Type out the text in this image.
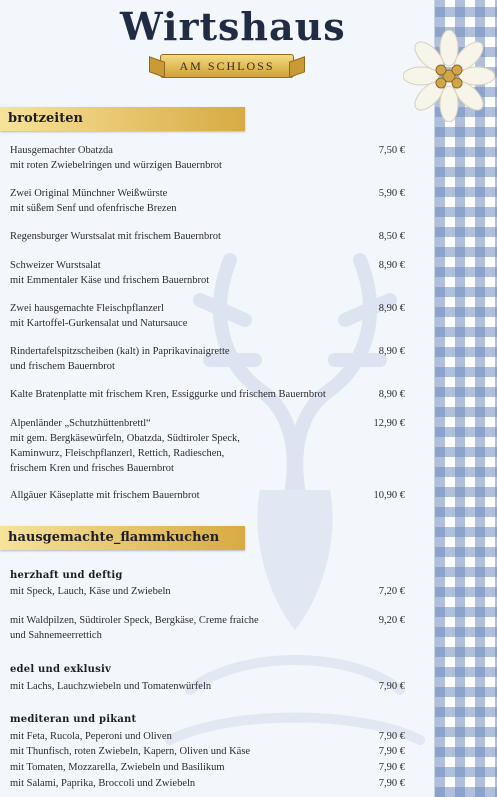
Wirtshaus
AM SCHLOSS
brotzeiten
Hausgemachter Obatzda
mit roten Zwiebelringen und würzigen Bauernbrot
7,50 €
Zwei Original Münchner Weißwürste
mit süßem Senf und ofenfrische Brezen
5,90 €
Regensburger Wurstsalat mit frischem Bauernbrot	8,50 €
Schweizer Wurstsalat
mit Emmentaler Käse und frischem Bauernbrot
8,90 €
Zwei hausgemachte Fleischpflanzerl
mit Kartoffel-Gurkensalat und Natursauce
8,90 €
Rindertafelspitzscheiben (kalt) in Paprikavinaigrette
und frischem Bauernbrot
8,90 €
Kalte Bratenplatte mit frischem Kren, Essiggurke und frischem Bauernbrot	8,90 €
Alpenländer „Schutzhüttenbrettl“
mit gem. Bergkäsewürfeln, Obatzda, Südtiroler Speck,
Kaminwurz, Fleischpflanzerl, Rettich, Radieschen,
frischem Kren und frisches Bauernbrot
12,90 €
Allgäuer Käseplatte mit frischem Bauernbrot	10,90 €
hausgemachte_flammkuchen
herzhaft und deftig
mit Speck, Lauch, Käse und Zwiebeln	7,20 €
mit Waldpilzen, Südtiroler Speck, Bergkäse, Creme fraiche
und Sahnemeerrettich
9,20 €
edel und exklusiv
mit Lachs, Lauchzwiebeln und Tomatenwürfeln	7,90 €
mediteran und pikant
mit Feta, Rucola, Peperoni und Oliven	7,90 €
mit Thunfisch, roten Zwiebeln, Kapern, Oliven und Käse	7,90 €
mit Tomaten, Mozzarella, Zwiebeln und Basilikum	7,90 €
mit Salami, Paprika, Broccoli und Zwiebeln	7,90 €
